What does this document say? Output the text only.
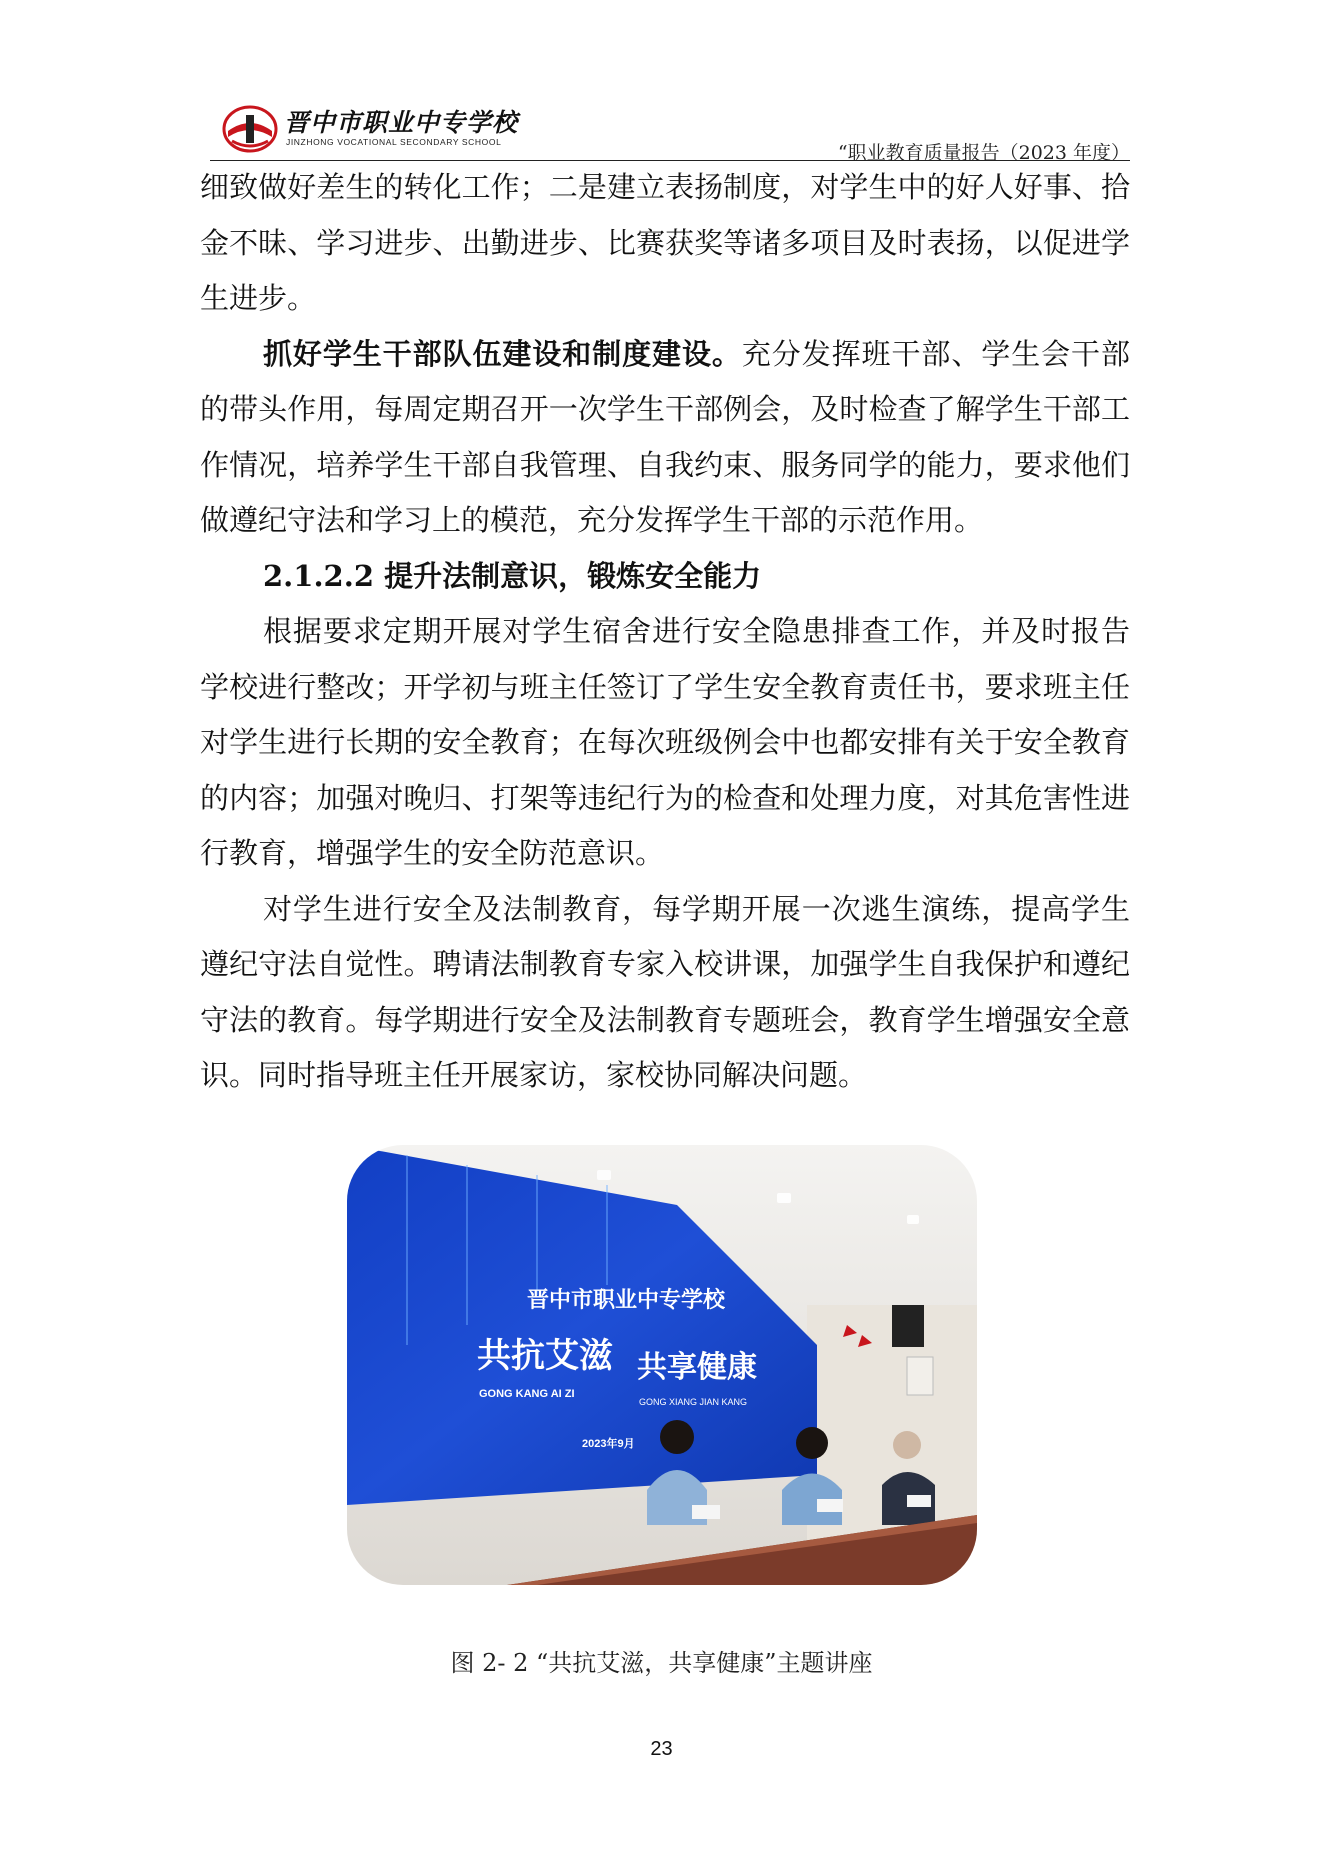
晋中市职业中专学校
JINZHONG VOCATIONAL SECONDARY SCHOOL	“职业教育质量报告（2023 年度）

细致做好差生的转化工作；二是建立表扬制度，对学生中的好人好事、拾金不昧、学习进步、出勤进步、比赛获奖等诸多项目及时表扬，以促进学生进步。

抓好学生干部队伍建设和制度建设。充分发挥班干部、学生会干部的带头作用，每周定期召开一次学生干部例会，及时检查了解学生干部工作情况，培养学生干部自我管理、自我约束、服务同学的能力，要求他们做遵纪守法和学习上的模范，充分发挥学生干部的示范作用。

2.1.2.2 提升法制意识，锻炼安全能力

根据要求定期开展对学生宿舍进行安全隐患排查工作，并及时报告学校进行整改；开学初与班主任签订了学生安全教育责任书，要求班主任对学生进行长期的安全教育；在每次班级例会中也都安排有关于安全教育的内容；加强对晚归、打架等违纪行为的检查和处理力度，对其危害性进行教育，增强学生的安全防范意识。

对学生进行安全及法制教育，每学期开展一次逃生演练，提高学生遵纪守法自觉性。聘请法制教育专家入校讲课，加强学生自我保护和遵纪守法的教育。每学期进行安全及法制教育专题班会，教育学生增强安全意识。同时指导班主任开展家访，家校协同解决问题。

晋中市职业中专学校
共抗艾滋 共享健康
GONG KANG AI ZI
GONG XIANG JIAN KANG
2023年9月
图 2- 2 “共抗艾滋，共享健康”主题讲座
23
